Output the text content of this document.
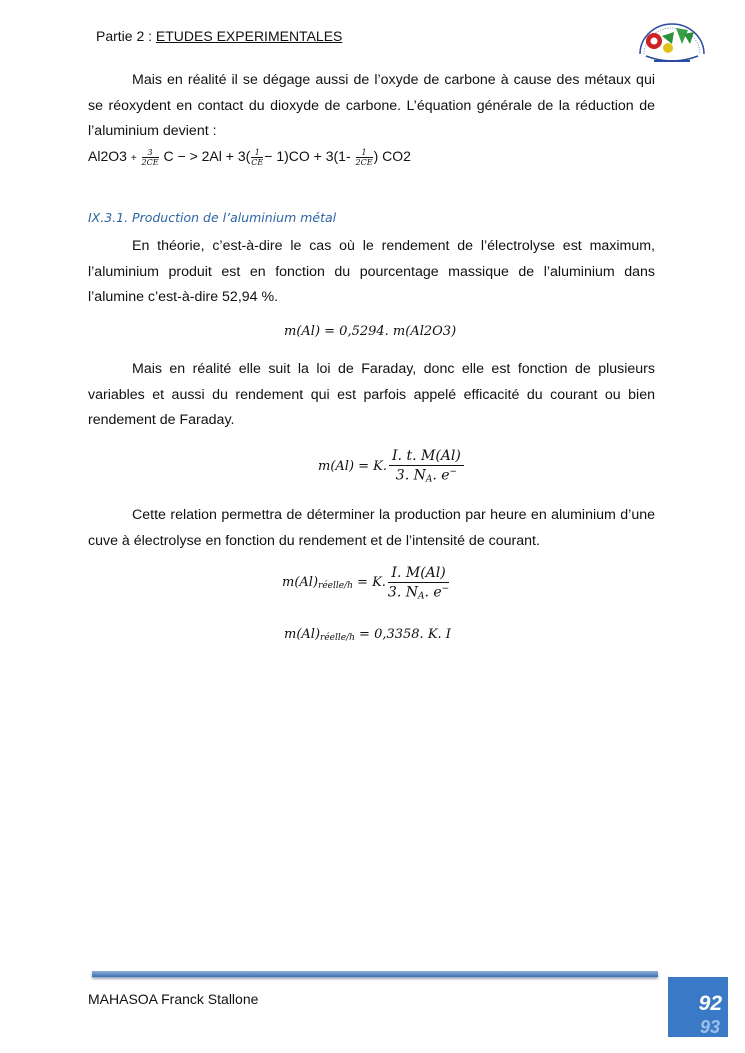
Partie 2 : ETUDES EXPERIMENTALES

Mais en réalité il se dégage aussi de l’oxyde de carbone à cause des métaux qui se réoxydent en contact du dioxyde de carbone. L’équation générale de la réduction de l’aluminium devient :

$Al2O3 + \frac{3}{2CE}$ C − > $2Al + 3( \frac{1}{CE} - 1)CO + 3(1- \frac{1}{2CE}$ ) CO2
IX.3.1. Production de l’aluminium métal

En théorie, c’est-à-dire le cas où le rendement de l’électrolyse est maximum, l’aluminium produit est en fonction du pourcentage massique de l’aluminium dans l’alumine c’est-à-dire 52,94 %.

m(Al) = 0,5294. m(Al2O3)

Mais en réalité elle suit la loi de Faraday, donc elle est fonction de plusieurs variables et aussi du rendement qui est parfois appelé efficacité du courant ou bien rendement de Faraday.

m(Al) = K. $\frac{I. t. M(Al)}{3. N_A. e^-}$

Cette relation permettra de déterminer la production par heure en aluminium d’une cuve à électrolyse en fonction du rendement et de l’intensité de courant.

$m(Al)_{réelle/h} = K$. $\frac{I. M(Al)}{3. N_A. e^-}$
$m(Al)_{réelle/h} = 0,3358$. K. I
MAHASOA Franck Stallone	92
93
